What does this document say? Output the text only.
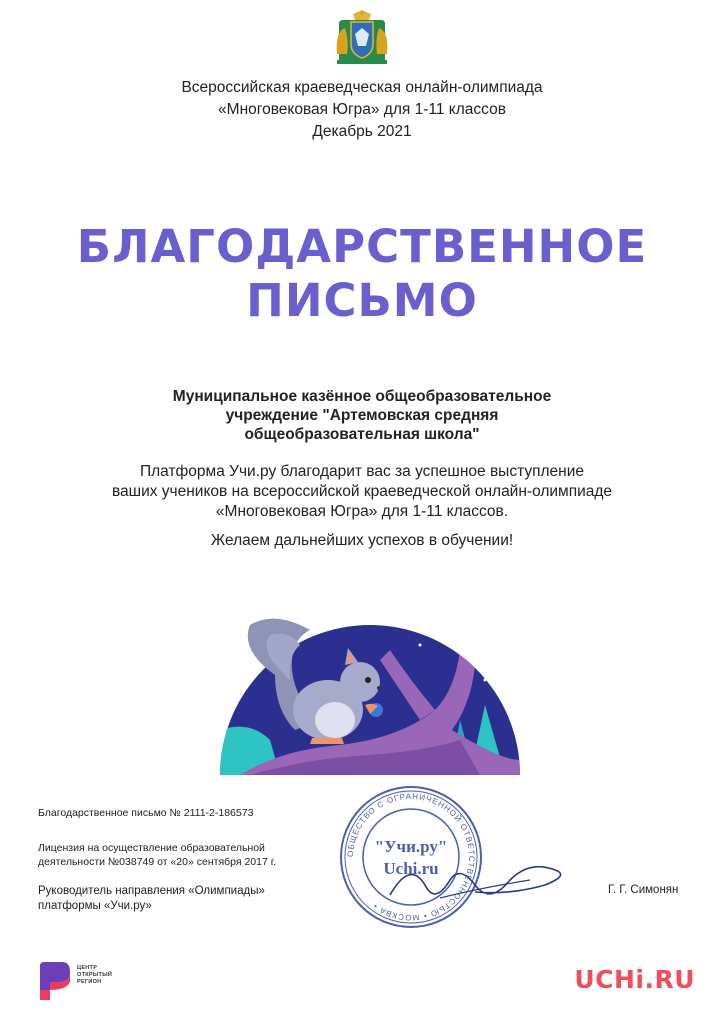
Всероссийская краеведческая онлайн-олимпиада
«Многовековая Югра» для 1-11 классов
Декабрь 2021
БЛАГОДАРСТВЕННОЕ
ПИСЬМО
Муниципальное казённое общеобразовательное
учреждение "Артемовская средняя
общеобразовательная школа"
Платформа Учи.ру благодарит вас за успешное выступление
ваших учеников на всероссийской краеведческой онлайн-олимпиаде
«Многовековая Югра» для 1-11 классов.
Желаем дальнейших успехов в обучении!
Благодарственное письмо № 2111-2-186573
Лицензия на осуществление образовательной
деятельности №038749 от «20» сентября 2017 г.
Руководитель направления «Олимпиады»
платформы «Учи.ру»
Г. Г. Симонян
ОБЩЕСТВО С ОГРАНИЧЕННОЙ ОТВЕТСТВЕННОСТЬЮ • МОСКВА •
"Учи.ру"
Uchi.ru
ЦЕНТР
ОТКРЫТЫЙ
РЕГИОН	UCHi.RU
